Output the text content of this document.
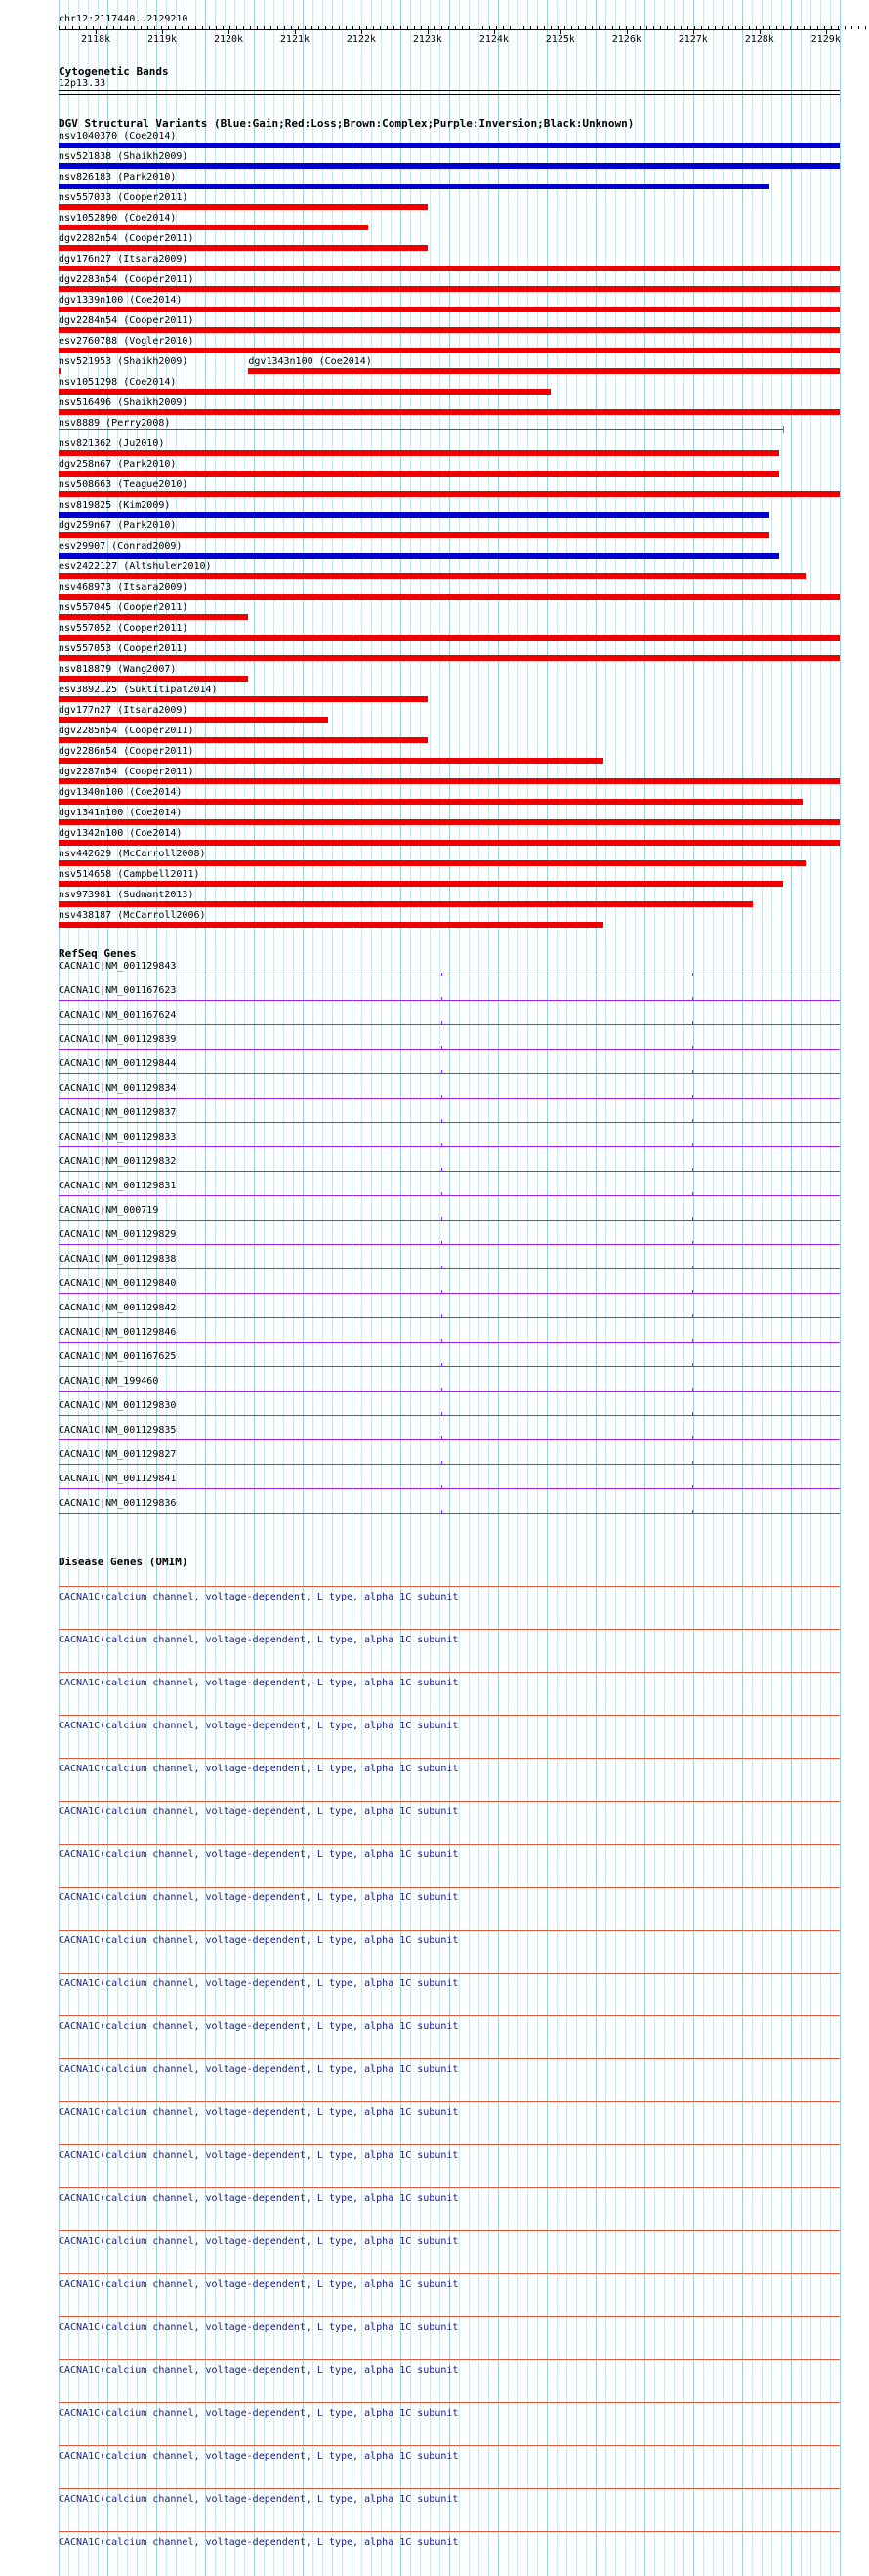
chr12:2117440..2129210
2118k	2119k	2120k	2121k	2122k	2123k	2124k	2125k	2126k	2127k	2128k	2129k
Cytogenetic Bands
12p13.33
DGV Structural Variants (Blue:Gain;Red:Loss;Brown:Complex;Purple:Inversion;Black:Unknown)
nsv1040370 (Coe2014)
nsv521838 (Shaikh2009)
nsv826183 (Park2010)
nsv557033 (Cooper2011)
nsv1052890 (Coe2014)
dgv2282n54 (Cooper2011)
dgv176n27 (Itsara2009)
dgv2283n54 (Cooper2011)
dgv1339n100 (Coe2014)
dgv2284n54 (Cooper2011)
esv2760788 (Vogler2010)
nsv521953 (Shaikh2009)	dgv1343n100 (Coe2014)
nsv1051298 (Coe2014)
nsv516496 (Shaikh2009)
nsv8889 (Perry2008)
nsv821362 (Ju2010)
dgv258n67 (Park2010)
nsv508663 (Teague2010)
nsv819825 (Kim2009)
dgv259n67 (Park2010)
esv29907 (Conrad2009)
esv2422127 (Altshuler2010)
nsv468973 (Itsara2009)
nsv557045 (Cooper2011)
nsv557052 (Cooper2011)
nsv557053 (Cooper2011)
nsv818879 (Wang2007)
esv3892125 (Suktitipat2014)
dgv177n27 (Itsara2009)
dgv2285n54 (Cooper2011)
dgv2286n54 (Cooper2011)
dgv2287n54 (Cooper2011)
dgv1340n100 (Coe2014)
dgv1341n100 (Coe2014)
dgv1342n100 (Coe2014)
nsv442629 (McCarroll2008)
nsv514658 (Campbell2011)
nsv973981 (Sudmant2013)
nsv438187 (McCarroll2006)
RefSeq Genes
CACNA1C|NM_001129843
CACNA1C|NM_001167623
CACNA1C|NM_001167624
CACNA1C|NM_001129839
CACNA1C|NM_001129844
CACNA1C|NM_001129834
CACNA1C|NM_001129837
CACNA1C|NM_001129833
CACNA1C|NM_001129832
CACNA1C|NM_001129831
CACNA1C|NM_000719
CACNA1C|NM_001129829
CACNA1C|NM_001129838
CACNA1C|NM_001129840
CACNA1C|NM_001129842
CACNA1C|NM_001129846
CACNA1C|NM_001167625
CACNA1C|NM_199460
CACNA1C|NM_001129830
CACNA1C|NM_001129835
CACNA1C|NM_001129827
CACNA1C|NM_001129841
CACNA1C|NM_001129836
Disease Genes (OMIM)
CACNA1C(calcium channel, voltage-dependent, L type, alpha 1C subunit
CACNA1C(calcium channel, voltage-dependent, L type, alpha 1C subunit
CACNA1C(calcium channel, voltage-dependent, L type, alpha 1C subunit
CACNA1C(calcium channel, voltage-dependent, L type, alpha 1C subunit
CACNA1C(calcium channel, voltage-dependent, L type, alpha 1C subunit
CACNA1C(calcium channel, voltage-dependent, L type, alpha 1C subunit
CACNA1C(calcium channel, voltage-dependent, L type, alpha 1C subunit
CACNA1C(calcium channel, voltage-dependent, L type, alpha 1C subunit
CACNA1C(calcium channel, voltage-dependent, L type, alpha 1C subunit
CACNA1C(calcium channel, voltage-dependent, L type, alpha 1C subunit
CACNA1C(calcium channel, voltage-dependent, L type, alpha 1C subunit
CACNA1C(calcium channel, voltage-dependent, L type, alpha 1C subunit
CACNA1C(calcium channel, voltage-dependent, L type, alpha 1C subunit
CACNA1C(calcium channel, voltage-dependent, L type, alpha 1C subunit
CACNA1C(calcium channel, voltage-dependent, L type, alpha 1C subunit
CACNA1C(calcium channel, voltage-dependent, L type, alpha 1C subunit
CACNA1C(calcium channel, voltage-dependent, L type, alpha 1C subunit
CACNA1C(calcium channel, voltage-dependent, L type, alpha 1C subunit
CACNA1C(calcium channel, voltage-dependent, L type, alpha 1C subunit
CACNA1C(calcium channel, voltage-dependent, L type, alpha 1C subunit
CACNA1C(calcium channel, voltage-dependent, L type, alpha 1C subunit
CACNA1C(calcium channel, voltage-dependent, L type, alpha 1C subunit
CACNA1C(calcium channel, voltage-dependent, L type, alpha 1C subunit
